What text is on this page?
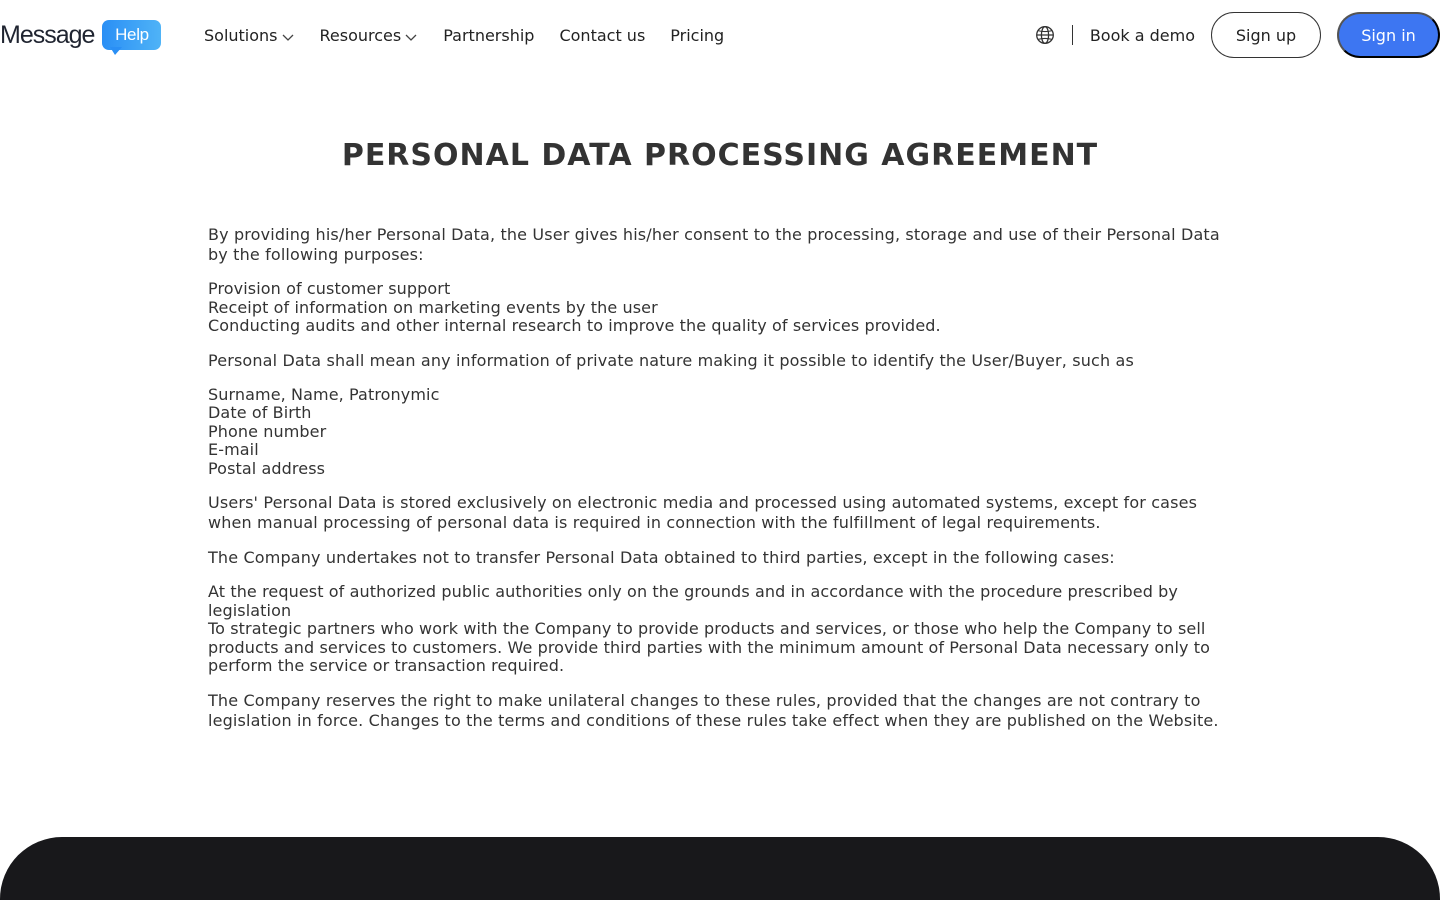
Message	Help	Solutions	Resources	Partnership Contact us Pricing	Book a demo	Sign up	Sign in
PERSONAL DATA PROCESSING AGREEMENT

By providing his/her Personal Data, the User gives his/her consent to the processing, storage and use of their Personal Data by the following purposes:

Provision of customer support
Receipt of information on marketing events by the user
Conducting audits and other internal research to improve the quality of services provided.

Personal Data shall mean any information of private nature making it possible to identify the User/Buyer, such as

Surname, Name, Patronymic
Date of Birth
Phone number
E-mail
Postal address

Users' Personal Data is stored exclusively on electronic media and processed using automated systems, except for cases when manual processing of personal data is required in connection with the fulfillment of legal requirements.

The Company undertakes not to transfer Personal Data obtained to third parties, except in the following cases:

At the request of authorized public authorities only on the grounds and in accordance with the procedure prescribed by legislation
To strategic partners who work with the Company to provide products and services, or those who help the Company to sell products and services to customers. We provide third parties with the minimum amount of Personal Data necessary only to perform the service or transaction required.

The Company reserves the right to make unilateral changes to these rules, provided that the changes are not contrary to legislation in force. Changes to the terms and conditions of these rules take effect when they are published on the Website.
